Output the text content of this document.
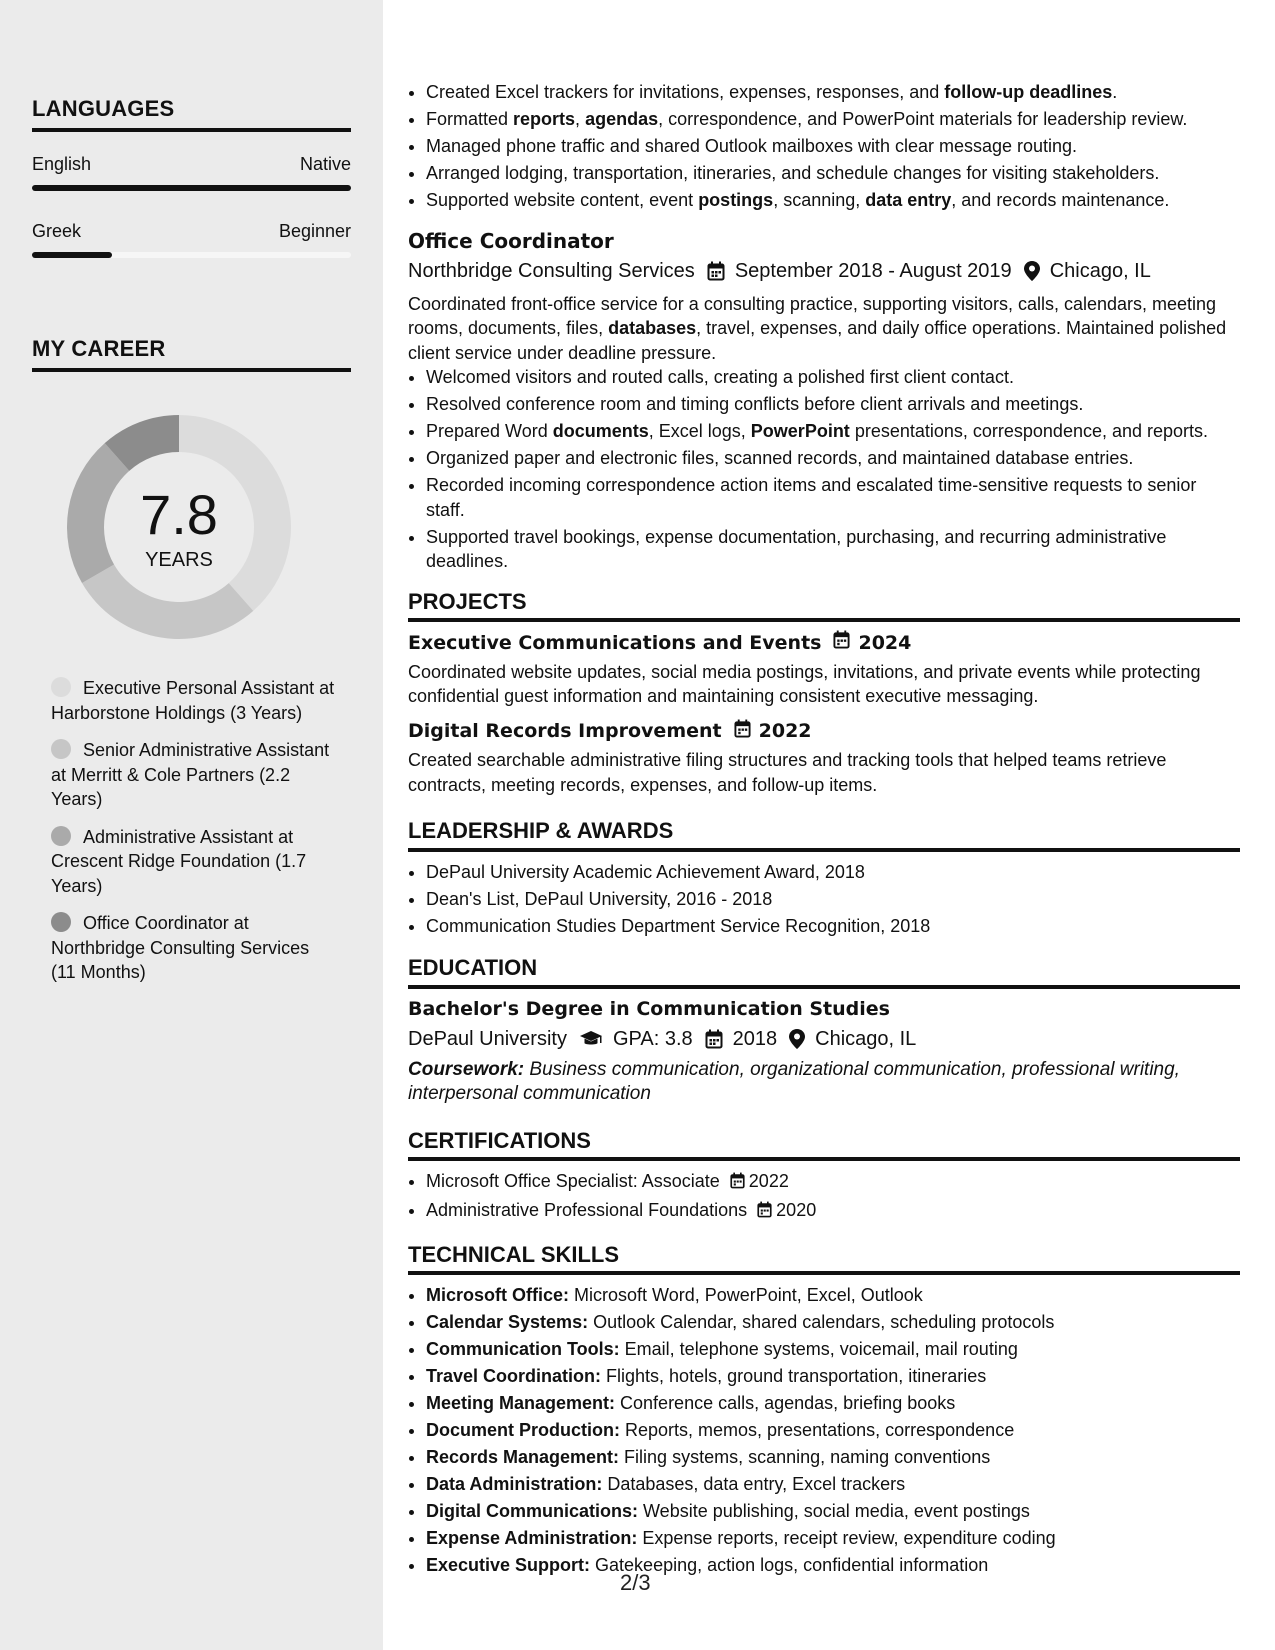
LANGUAGES
English	Native
Greek	Beginner
MY CAREER
7.8
YEARS
Executive Personal Assistant at Harborstone Holdings (3 Years)
Senior Administrative Assistant at Merritt & Cole Partners (2.2 Years)
Administrative Assistant at Crescent Ridge Foundation (1.7 Years)
Office Coordinator at Northbridge Consulting Services (11 Months)
• Created Excel trackers for invitations, expenses, responses, and follow-up deadlines.
• Formatted reports, agendas, correspondence, and PowerPoint materials for leadership review.
• Managed phone traffic and shared Outlook mailboxes with clear message routing.
• Arranged lodging, transportation, itineraries, and schedule changes for visiting stakeholders.
• Supported website content, event postings, scanning, data entry, and records maintenance.
Office Coordinator
Northbridge Consulting Services September 2018 - August 2019 Chicago, IL
Coordinated front-office service for a consulting practice, supporting visitors, calls, calendars, meeting rooms, documents, files, databases, travel, expenses, and daily office operations. Maintained polished client service under deadline pressure.
• Welcomed visitors and routed calls, creating a polished first client contact.
• Resolved conference room and timing conflicts before client arrivals and meetings.
• Prepared Word documents, Excel logs, PowerPoint presentations, correspondence, and reports.
• Organized paper and electronic files, scanned records, and maintained database entries.
• Recorded incoming correspondence action items and escalated time-sensitive requests to senior staff.
• Supported travel bookings, expense documentation, purchasing, and recurring administrative deadlines.
PROJECTS
Executive Communications and Events 2024
Coordinated website updates, social media postings, invitations, and private events while protecting confidential guest information and maintaining consistent executive messaging.
Digital Records Improvement 2022
Created searchable administrative filing structures and tracking tools that helped teams retrieve contracts, meeting records, expenses, and follow-up items.
LEADERSHIP & AWARDS
• DePaul University Academic Achievement Award, 2018
• Dean's List, DePaul University, 2016 - 2018
• Communication Studies Department Service Recognition, 2018
EDUCATION
Bachelor's Degree in Communication Studies
DePaul University GPA: 3.8 2018 Chicago, IL
Coursework: Business communication, organizational communication, professional writing, interpersonal communication
CERTIFICATIONS
• Microsoft Office Specialist: Associate 2022
• Administrative Professional Foundations 2020
TECHNICAL SKILLS
• Microsoft Office: Microsoft Word, PowerPoint, Excel, Outlook
• Calendar Systems: Outlook Calendar, shared calendars, scheduling protocols
• Communication Tools: Email, telephone systems, voicemail, mail routing
• Travel Coordination: Flights, hotels, ground transportation, itineraries
• Meeting Management: Conference calls, agendas, briefing books
• Document Production: Reports, memos, presentations, correspondence
• Records Management: Filing systems, scanning, naming conventions
• Data Administration: Databases, data entry, Excel trackers
• Digital Communications: Website publishing, social media, event postings
• Expense Administration: Expense reports, receipt review, expenditure coding
• Executive Support: Gatekeeping, action logs, confidential information
2/3
